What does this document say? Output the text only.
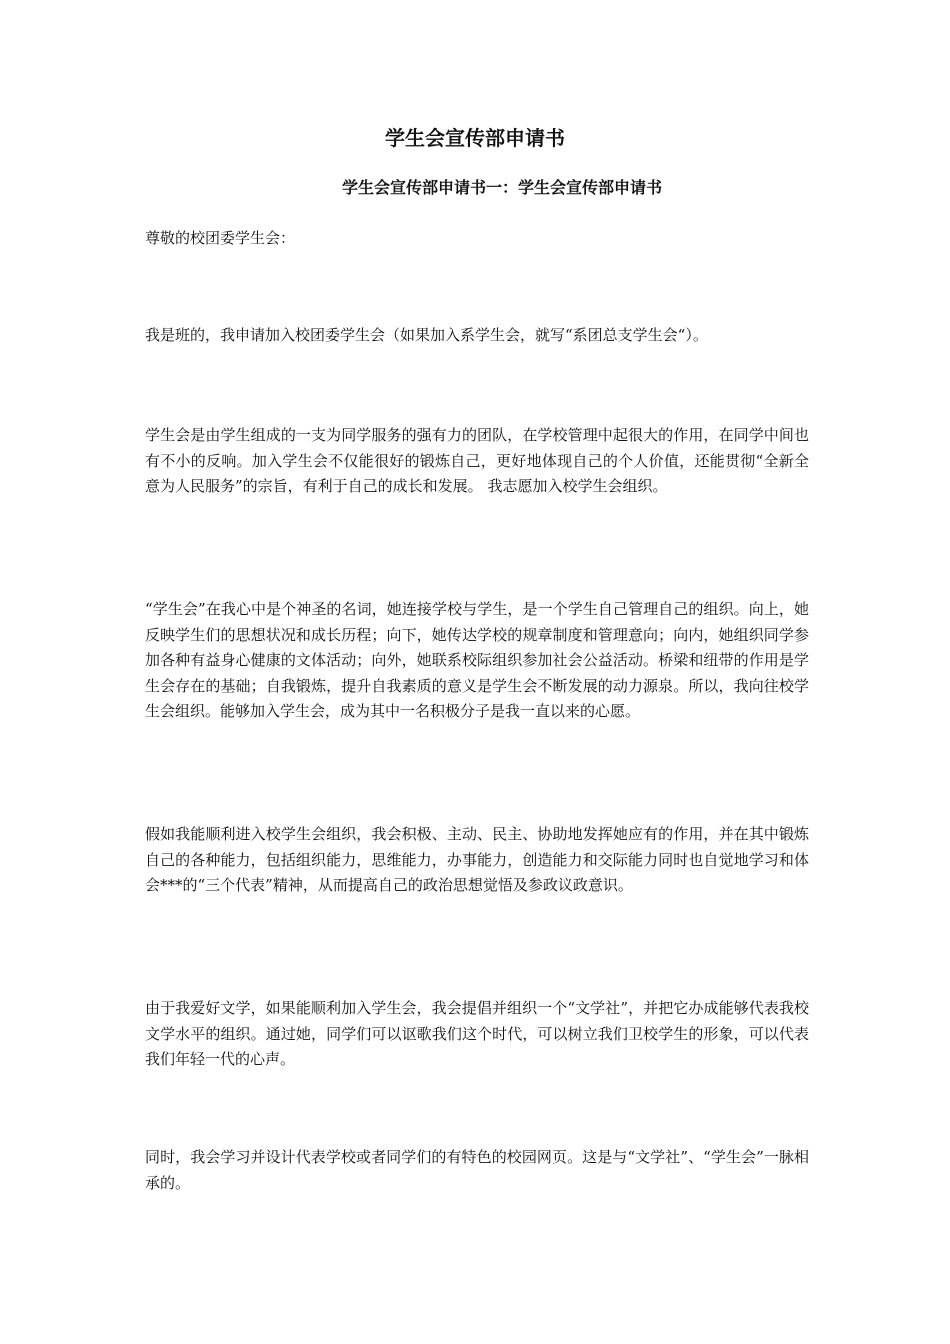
学生会宣传部申请书
学生会宣传部申请书一：学生会宣传部申请书

尊敬的校团委学生会：

我是班的，我申请加入校团委学生会（如果加入系学生会，就写“系团总支学生会“）。

学生会是由学生组成的一支为同学服务的强有力的团队，在学校管理中起很大的作用，在同学中间也有不小的反响。加入学生会不仅能很好的锻炼自己，更好地体现自己的个人价值，还能贯彻“全新全意为人民服务”的宗旨，有利于自己的成长和发展。 我志愿加入校学生会组织。

“学生会”在我心中是个神圣的名词，她连接学校与学生，是一个学生自己管理自己的组织。向上，她反映学生们的思想状况和成长历程；向下，她传达学校的规章制度和管理意向；向内，她组织同学参加各种有益身心健康的文体活动；向外，她联系校际组织参加社会公益活动。桥梁和纽带的作用是学生会存在的基础；自我锻炼，提升自我素质的意义是学生会不断发展的动力源泉。所以，我向往校学生会组织。能够加入学生会，成为其中一名积极分子是我一直以来的心愿。

假如我能顺利进入校学生会组织，我会积极、主动、民主、协助地发挥她应有的作用，并在其中锻炼自己的各种能力，包括组织能力，思维能力，办事能力，创造能力和交际能力同时也自觉地学习和体会***的“三个代表”精神，从而提高自己的政治思想觉悟及参政议政意识。

由于我爱好文学，如果能顺利加入学生会，我会提倡并组织一个“文学社”，并把它办成能够代表我校文学水平的组织。通过她，同学们可以讴歌我们这个时代，可以树立我们卫校学生的形象，可以代表我们年轻一代的心声。

同时，我会学习并设计代表学校或者同学们的有特色的校园网页。这是与“文学社”、“学生会”一脉相承的。
